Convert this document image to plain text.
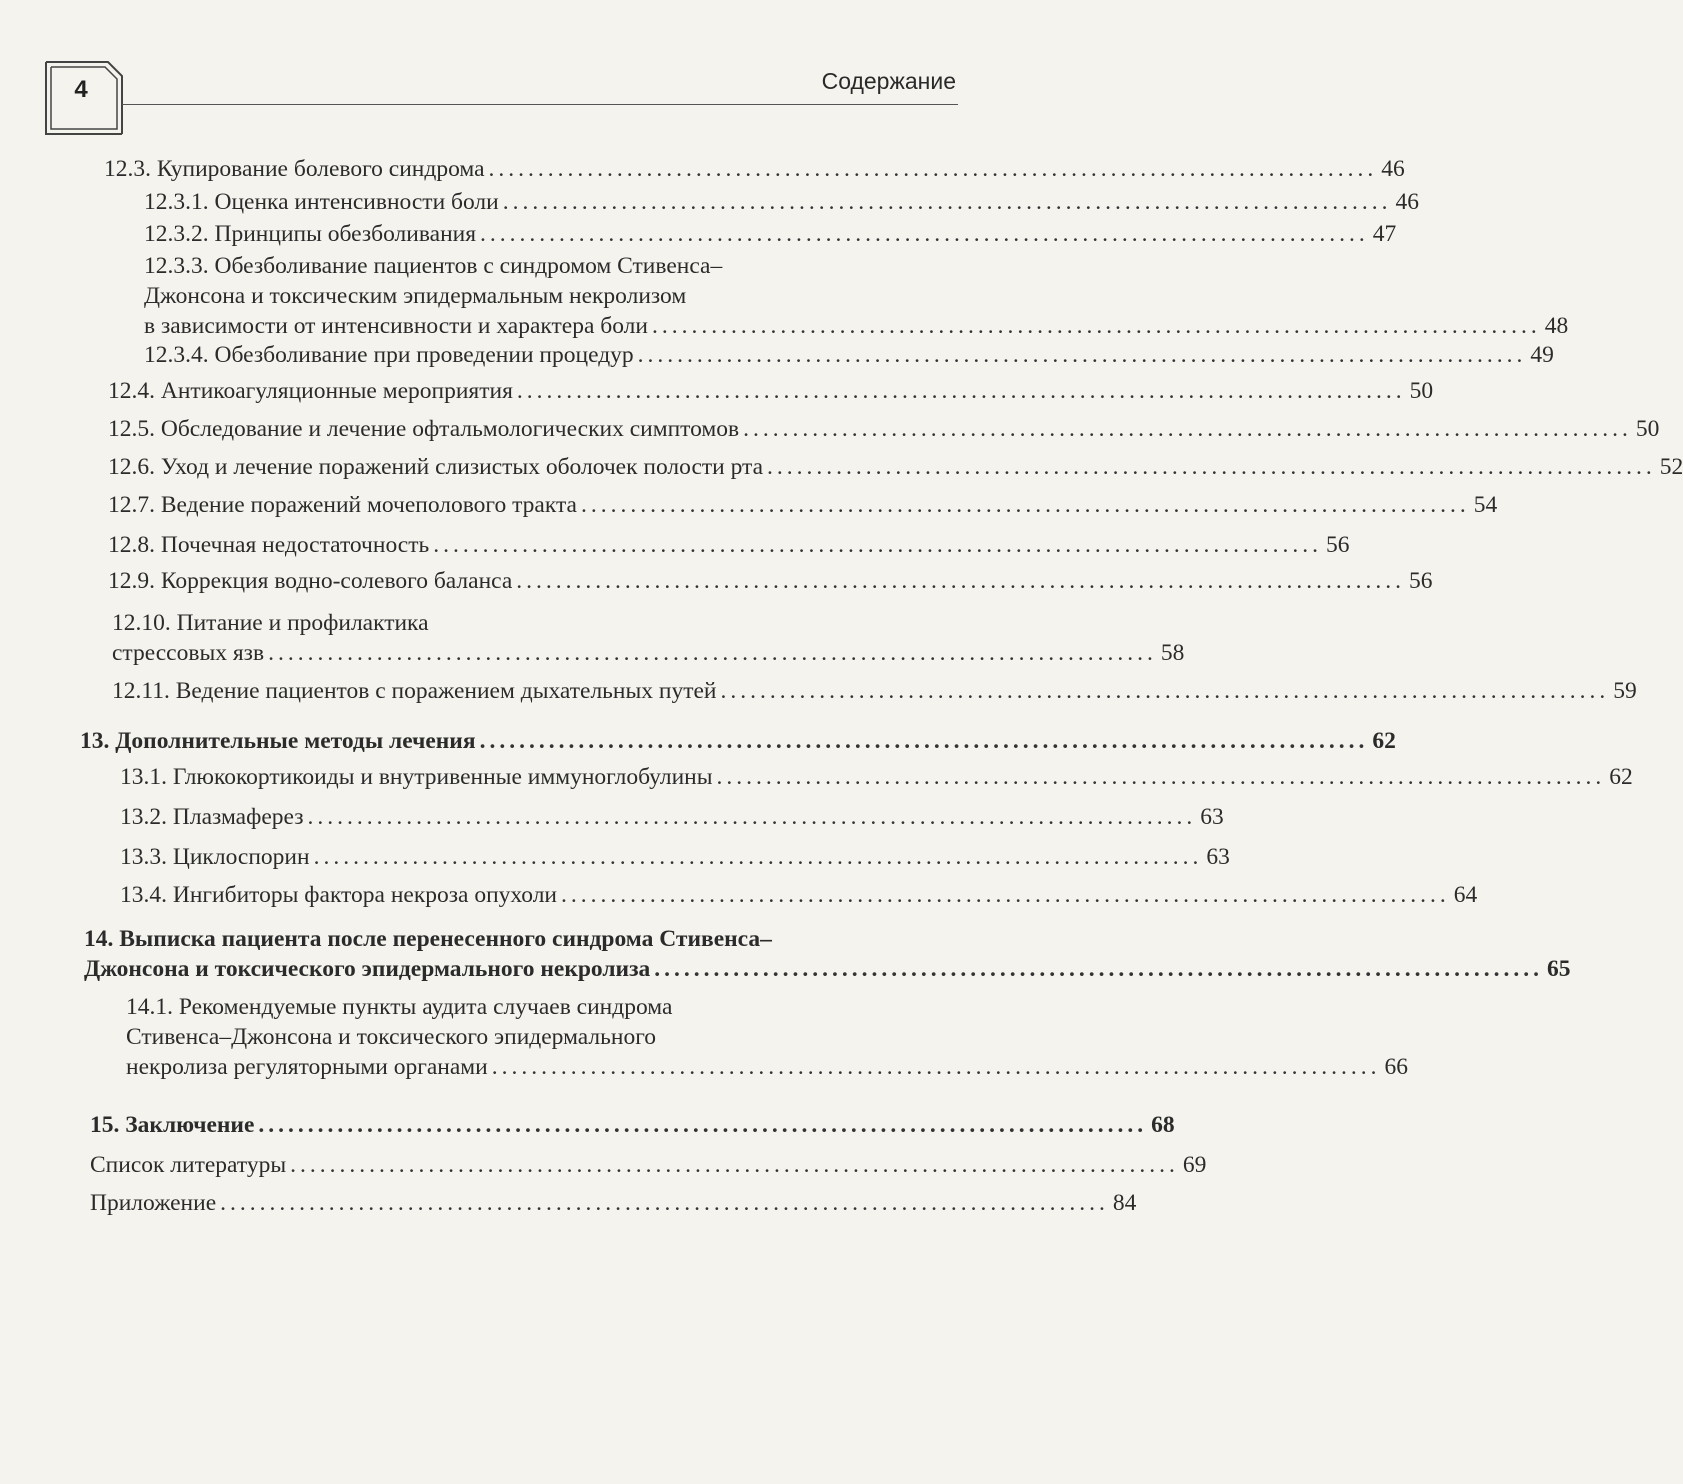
4	Содержание
12.3. Купирование болевого синдрома .......................................................................................... 46
12.3.1. Оценка интенсивности боли .......................................................................................... 46
12.3.2. Принципы обезболивания .......................................................................................... 47
12.3.3. Обезболивание пациентов с синдромом Стивенса–
Джонсона и токсическим эпидермальным некролизом
в зависимости от интенсивности и характера боли .......................................................................................... 48
12.3.4. Обезболивание при проведении процедур .......................................................................................... 49
12.4. Антикоагуляционные мероприятия .......................................................................................... 50
12.5. Обследование и лечение офтальмологических симптомов .......................................................................................... 50
12.6. Уход и лечение поражений слизистых оболочек полости рта .......................................................................................... 52
12.7. Ведение поражений мочеполового тракта .......................................................................................... 54
12.8. Почечная недостаточность .......................................................................................... 56
12.9. Коррекция водно-солевого баланса .......................................................................................... 56
12.10. Питание и профилактика
стрессовых язв .......................................................................................... 58
12.11. Ведение пациентов с поражением дыхательных путей .......................................................................................... 59
13. Дополнительные методы лечения .......................................................................................... 62
13.1. Глюкокортикоиды и внутривенные иммуноглобулины .......................................................................................... 62
13.2. Плазмаферез .......................................................................................... 63
13.3. Циклоспорин .......................................................................................... 63
13.4. Ингибиторы фактора некроза опухоли .......................................................................................... 64
14. Выписка пациента после перенесенного синдрома Стивенса–
Джонсона и токсического эпидермального некролиза .......................................................................................... 65
14.1. Рекомендуемые пункты аудита случаев синдрома
Стивенса–Джонсона и токсического эпидермального
некролиза регуляторными органами .......................................................................................... 66
15. Заключение .......................................................................................... 68
Список литературы .......................................................................................... 69
Приложение .......................................................................................... 84
